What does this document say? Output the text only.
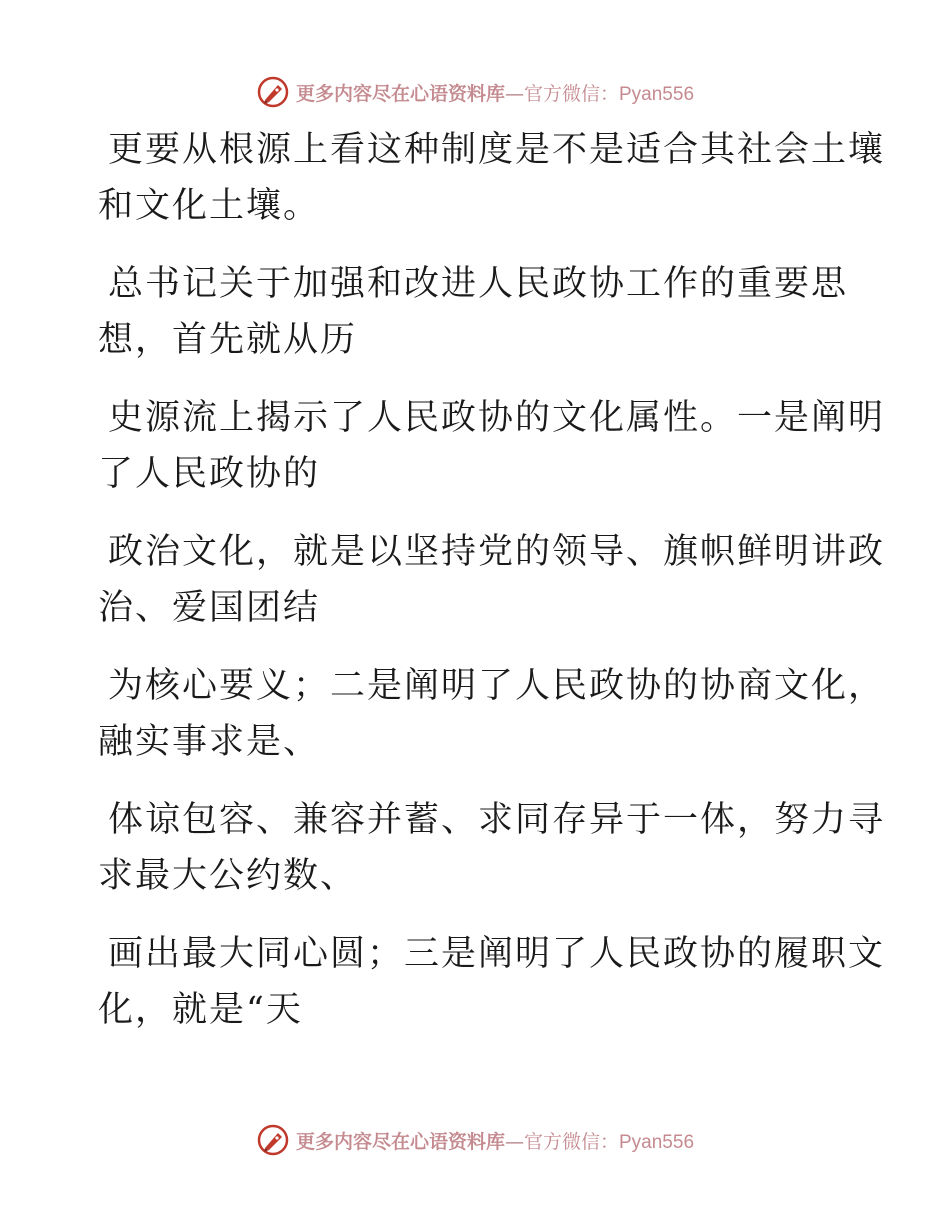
更多内容尽在心语资料库—官方微信：Pyan556

更要从根源上看这种制度是不是适合其社会土壤
和文化土壤。

总书记关于加强和改进人民政协工作的重要思
想，首先就从历

史源流上揭示了人民政协的文化属性。一是阐明
了人民政协的

政治文化，就是以坚持党的领导、旗帜鲜明讲政
治、爱国团结

为核心要义；二是阐明了人民政协的协商文化，
融实事求是、

体谅包容、兼容并蓄、求同存异于一体，努力寻
求最大公约数、

画出最大同心圆；三是阐明了人民政协的履职文
化，就是“天

更多内容尽在心语资料库—官方微信：Pyan556
